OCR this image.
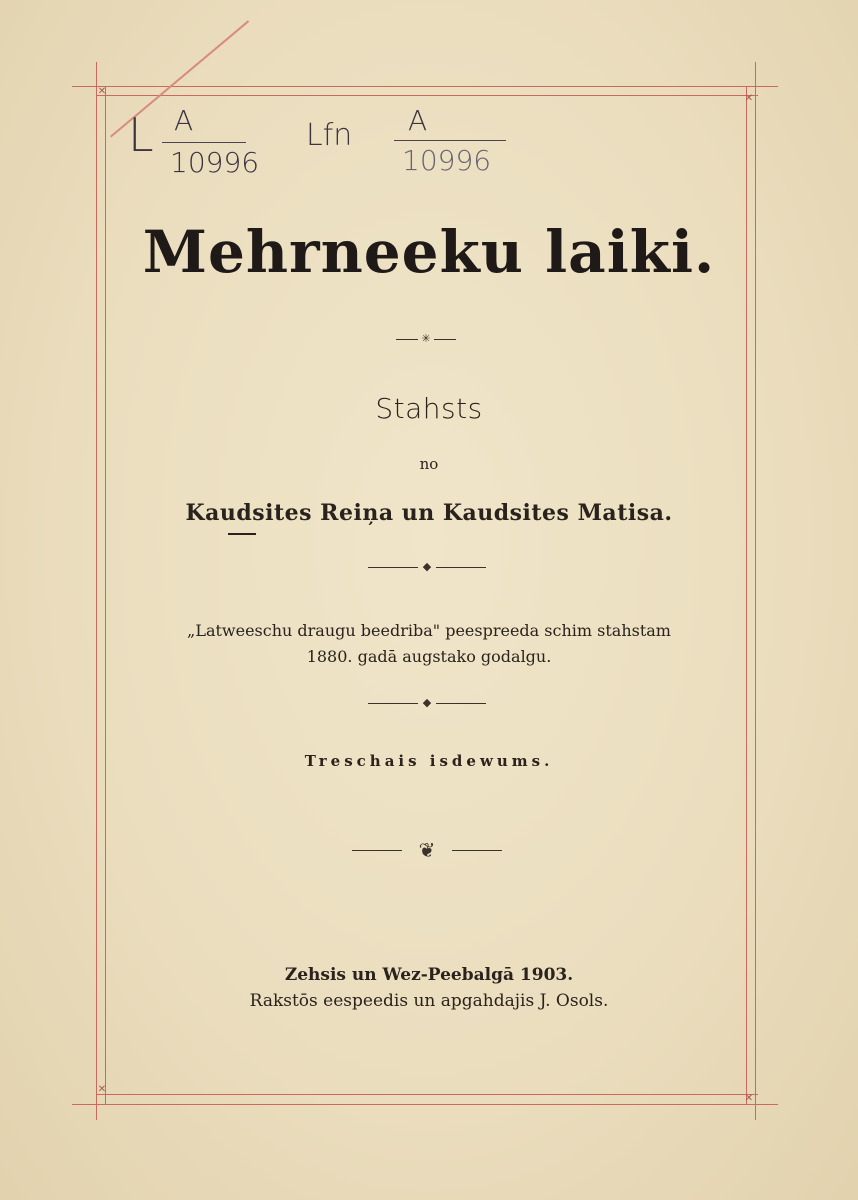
✕
✕
✕
✕
L A
10996
Lfn A
10996
Mehrneeku laiki.
✳
Stahsts
no
Kaudsites Reiņa un Kaudsites Matisa.
◆
„Latweeschu draugu beedriba" peespreeda schim stahstam
1880. gadā augstako godalgu.
◆
Treschais isdewums.
❦
Zehsis un Wez-Peebalgā 1903.
Rakstōs eespeedis un apgahdajis J. Osols.
